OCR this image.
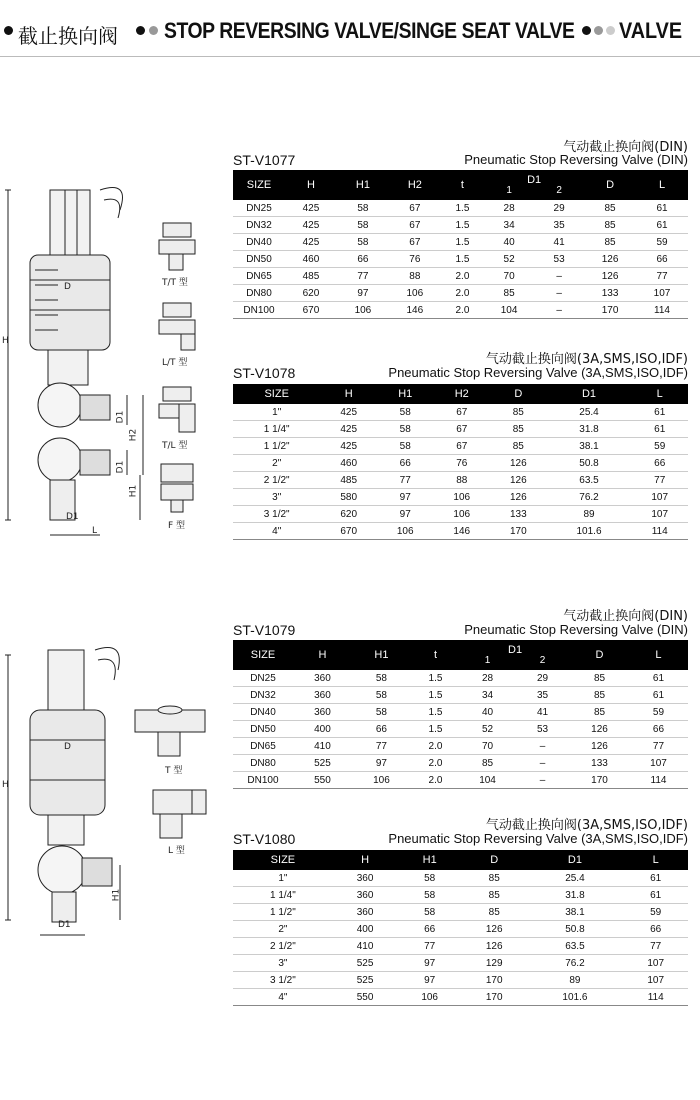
截止换向阀 STOP REVERSING VALVE/SINGE SEAT VALVE VALVE
H
D
D1
D1
H2
H1
D1
L
T/T 型
L/T 型
T/L 型
F 型
H
D
H1
D1
T 型
L 型
气动截止换向阀(DIN)
ST-V1077	Pneumatic Stop Reversing Valve (DIN)
SIZE	H	H1	H2	t	D1
1 2		D	L
DN25	425	58	67	1.5	28	29	85	61
DN32	425	58	67	1.5	34	35	85	61
DN40	425	58	67	1.5	40	41	85	59
DN50	460	66	76	1.5	52	53	126	66
DN65	485	77	88	2.0	70	–	126	77
DN80	620	97	106	2.0	85	–	133	107
DN100	670	106	146	2.0	104	–	170	114
气动截止换向阀(3A,SMS,ISO,IDF)
ST-V1078	Pneumatic Stop Reversing Valve (3A,SMS,ISO,IDF)
SIZE	H	H1	H2	D	D1	L
1"	425	58	67	85	25.4	61
1 1/4"	425	58	67	85	31.8	61
1 1/2"	425	58	67	85	38.1	59
2"	460	66	76	126	50.8	66
2 1/2"	485	77	88	126	63.5	77
3"	580	97	106	126	76.2	107
3 1/2"	620	97	106	133	89	107
4"	670	106	146	170	101.6	114
气动截止换向阀(DIN)
ST-V1079	Pneumatic Stop Reversing Valve (DIN)
SIZE	H	H1	t	D1
1 2		D	L
DN25	360	58	1.5	28	29	85	61
DN32	360	58	1.5	34	35	85	61
DN40	360	58	1.5	40	41	85	59
DN50	400	66	1.5	52	53	126	66
DN65	410	77	2.0	70	–	126	77
DN80	525	97	2.0	85	–	133	107
DN100	550	106	2.0	104	–	170	114
气动截止换向阀(3A,SMS,ISO,IDF)
ST-V1080	Pneumatic Stop Reversing Valve (3A,SMS,ISO,IDF)
SIZE	H	H1	D	D1	L
1"	360	58	85	25.4	61
1 1/4"	360	58	85	31.8	61
1 1/2"	360	58	85	38.1	59
2"	400	66	126	50.8	66
2 1/2"	410	77	126	63.5	77
3"	525	97	129	76.2	107
3 1/2"	525	97	170	89	107
4"	550	106	170	101.6	114
